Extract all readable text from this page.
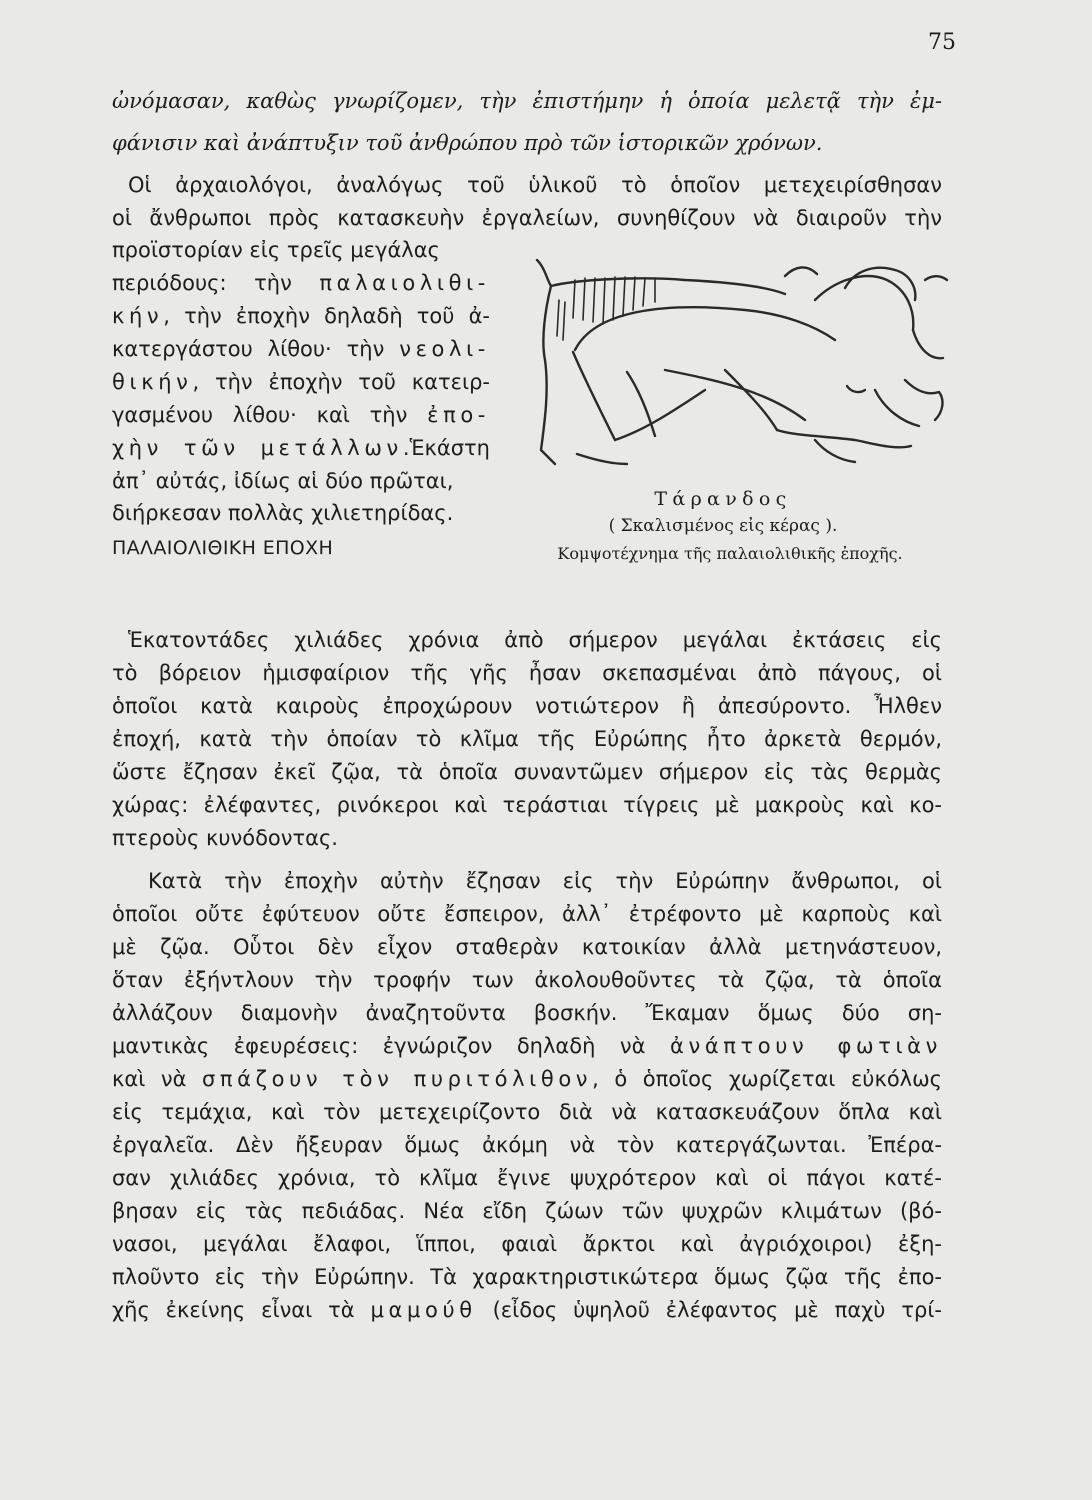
75
ὠνόμασαν, καθὼς γνωρίζομεν, τὴν ἐπιστήμην ἡ ὁποία μελετᾷ τὴν ἐμ-
φάνισιν καὶ ἀνάπτυξιν τοῦ ἀνθρώπου πρὸ τῶν ἱστορικῶν χρόνων.
Οἱ ἀρχαιολόγοι, ἀναλόγως τοῦ ὑλικοῦ τὸ ὁποῖον μετεχειρίσθησαν
οἱ ἄνθρωποι πρὸς κατασκευὴν ἐργαλείων, συνηθίζουν νὰ διαιροῦν τὴν
προϊστορίαν εἰς τρεῖς μεγάλας
περιόδους: τὴν παλαιολιθι-
κήν, τὴν ἐποχὴν δηλαδὴ τοῦ ἀ-
κατεργάστου λίθου· τὴν νεολι-
θικήν, τὴν ἐποχὴν τοῦ κατειρ-
γασμένου λίθου· καὶ τὴν ἐπο-
χὴν τῶν μετάλλων.Ἑκάστη
ἀπ᾽ αὐτάς, ἰδίως αἱ δύο πρῶται,
διήρκεσαν πολλὰς χιλιετηρίδας.
ΠΑΛΑΙΟΛΙΘΙΚΗ ΕΠΟΧΗ
Τάρανδος
( Σκαλισμένος εἰς κέρας ).
Κομψοτέχνημα τῆς παλαιολιθικῆς ἐποχῆς.
Ἑκατοντάδες χιλιάδες χρόνια ἀπὸ σήμερον μεγάλαι ἐκτάσεις εἰς
τὸ βόρειον ἡμισφαίριον τῆς γῆς ἦσαν σκεπασμέναι ἀπὸ πάγους, οἱ
ὁποῖοι κατὰ καιροὺς ἐπροχώρουν νοτιώτερον ἢ ἀπεσύροντο. Ἦλθεν
ἐποχή, κατὰ τὴν ὁποίαν τὸ κλῖμα τῆς Εὐρώπης ἦτο ἀρκετὰ θερμόν,
ὥστε ἔζησαν ἐκεῖ ζῷα, τὰ ὁποῖα συναντῶμεν σήμερον εἰς τὰς θερμὰς
χώρας: ἐλέφαντες, ρινόκεροι καὶ τεράστιαι τίγρεις μὲ μακροὺς καὶ κο-
πτεροὺς κυνόδοντας.
Κατὰ τὴν ἐποχὴν αὐτὴν ἔζησαν εἰς τὴν Εὐρώπην ἄνθρωποι, οἱ
ὁποῖοι οὔτε ἐφύτευον οὔτε ἔσπειρον, ἀλλ᾽ ἐτρέφοντο μὲ καρποὺς καὶ
μὲ ζῷα. Οὗτοι δὲν εἶχον σταθερὰν κατοικίαν ἀλλὰ μετηνάστευον,
ὅταν ἐξήντλουν τὴν τροφήν των ἀκολουθοῦντες τὰ ζῷα, τὰ ὁποῖα
ἀλλάζουν διαμονὴν ἀναζητοῦντα βοσκήν. Ἔκαμαν ὅμως δύο ση-
μαντικὰς ἐφευρέσεις: ἐγνώριζον δηλαδὴ νὰ ἀνάπτουν φωτιὰν
καὶ νὰ σπάζουν τὸν πυριτόλιθον, ὁ ὁποῖος χωρίζεται εὐκόλως
εἰς τεμάχια, καὶ τὸν μετεχειρίζοντο διὰ νὰ κατασκευάζουν ὅπλα καὶ
ἐργαλεῖα. Δὲν ἤξευραν ὅμως ἀκόμη νὰ τὸν κατεργάζωνται. Ἐπέρα-
σαν χιλιάδες χρόνια, τὸ κλῖμα ἔγινε ψυχρότερον καὶ οἱ πάγοι κατέ-
βησαν εἰς τὰς πεδιάδας. Νέα εἴδη ζώων τῶν ψυχρῶν κλιμάτων (βό-
νασοι, μεγάλαι ἔλαφοι, ἵπποι, φαιαὶ ἄρκτοι καὶ ἀγριόχοιροι) ἐξη-
πλοῦντο εἰς τὴν Εὐρώπην. Τὰ χαρακτηριστικώτερα ὅμως ζῷα τῆς ἐπο-
χῆς ἐκείνης εἶναι τὰ μαμούθ (εἶδος ὑψηλοῦ ἐλέφαντος μὲ παχὺ τρί-
